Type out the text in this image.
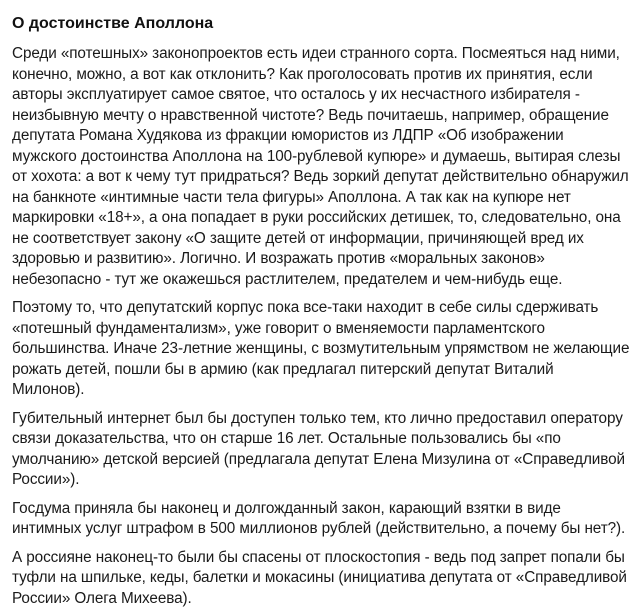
О достоинстве Аполлона

Среди «потешных» законопроектов есть идеи странного сорта. Посмеяться над ними, конечно, можно, а вот как отклонить? Как проголосовать против их принятия, если авторы эксплуатирует самое святое, что осталось у их несчастного избирателя - неизбывную мечту о нравственной чистоте? Ведь почитаешь, например, обращение депутата Романа Худякова из фракции юмористов из ЛДПР «Об изображении мужского достоинства Аполлона на 100-рублевой купюре» и думаешь, вытирая слезы от хохота: а вот к чему тут придраться? Ведь зоркий депутат действительно обнаружил на банкноте «интимные части тела фигуры» Аполлона. А так как на купюре нет маркировки «18+», а она попадает в руки российских детишек, то, следовательно, она не соответствует закону «О защите детей от информации, причиняющей вред их здоровью и развитию». Логично. И возражать против «моральных законов» небезопасно - тут же окажешься растлителем, предателем и чем-нибудь еще.

Поэтому то, что депутатский корпус пока все-таки находит в себе силы сдерживать «потешный фундаментализм», уже говорит о вменяемости парламентского большинства. Иначе 23-летние женщины, с возмутительным упрямством не желающие рожать детей, пошли бы в армию (как предлагал питерский депутат Виталий Милонов).

Губительный интернет был бы доступен только тем, кто лично предоставил оператору связи доказательства, что он старше 16 лет. Остальные пользовались бы «по умолчанию» детской версией (предлагала депутат Елена Мизулина от «Справедливой России»).

Госдума приняла бы наконец и долгожданный закон, карающий взятки в виде интимных услуг штрафом в 500 миллионов рублей (действительно, а почему бы нет?).

А россияне наконец-то были бы спасены от плоскостопия - ведь под запрет попали бы туфли на шпильке, кеды, балетки и мокасины (инициатива депутата от «Справедливой России» Олега Михеева).
